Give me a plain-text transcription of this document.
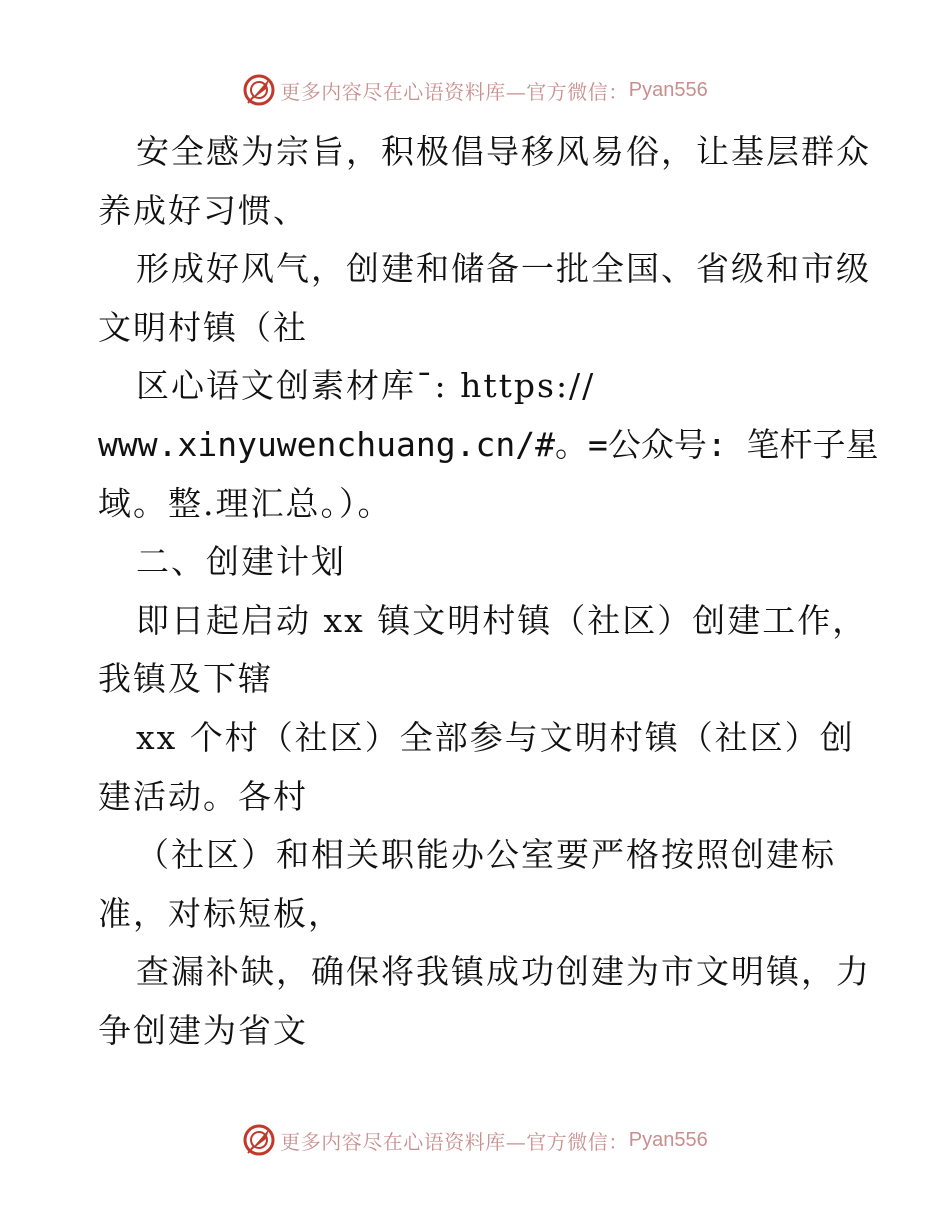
更多内容尽在心语资料库—官方微信： Pyan556
安全感为宗旨，积极倡导移风易俗，让基层群众
养成好习惯、
形成好风气，创建和储备一批全国、省级和市级
文明村镇（社
区心语文创素材库¯: https://
www.xinyuwenchuang.cn/#。=公众号: 笔杆子星
域。整.理汇总。）。
二、创建计划
即日起启动 xx 镇文明村镇（社区）创建工作，
我镇及下辖
xx 个村（社区）全部参与文明村镇（社区）创
建活动。各村
（社区）和相关职能办公室要严格按照创建标
准，对标短板，
查漏补缺，确保将我镇成功创建为市文明镇，力
争创建为省文
更多内容尽在心语资料库—官方微信： Pyan556
